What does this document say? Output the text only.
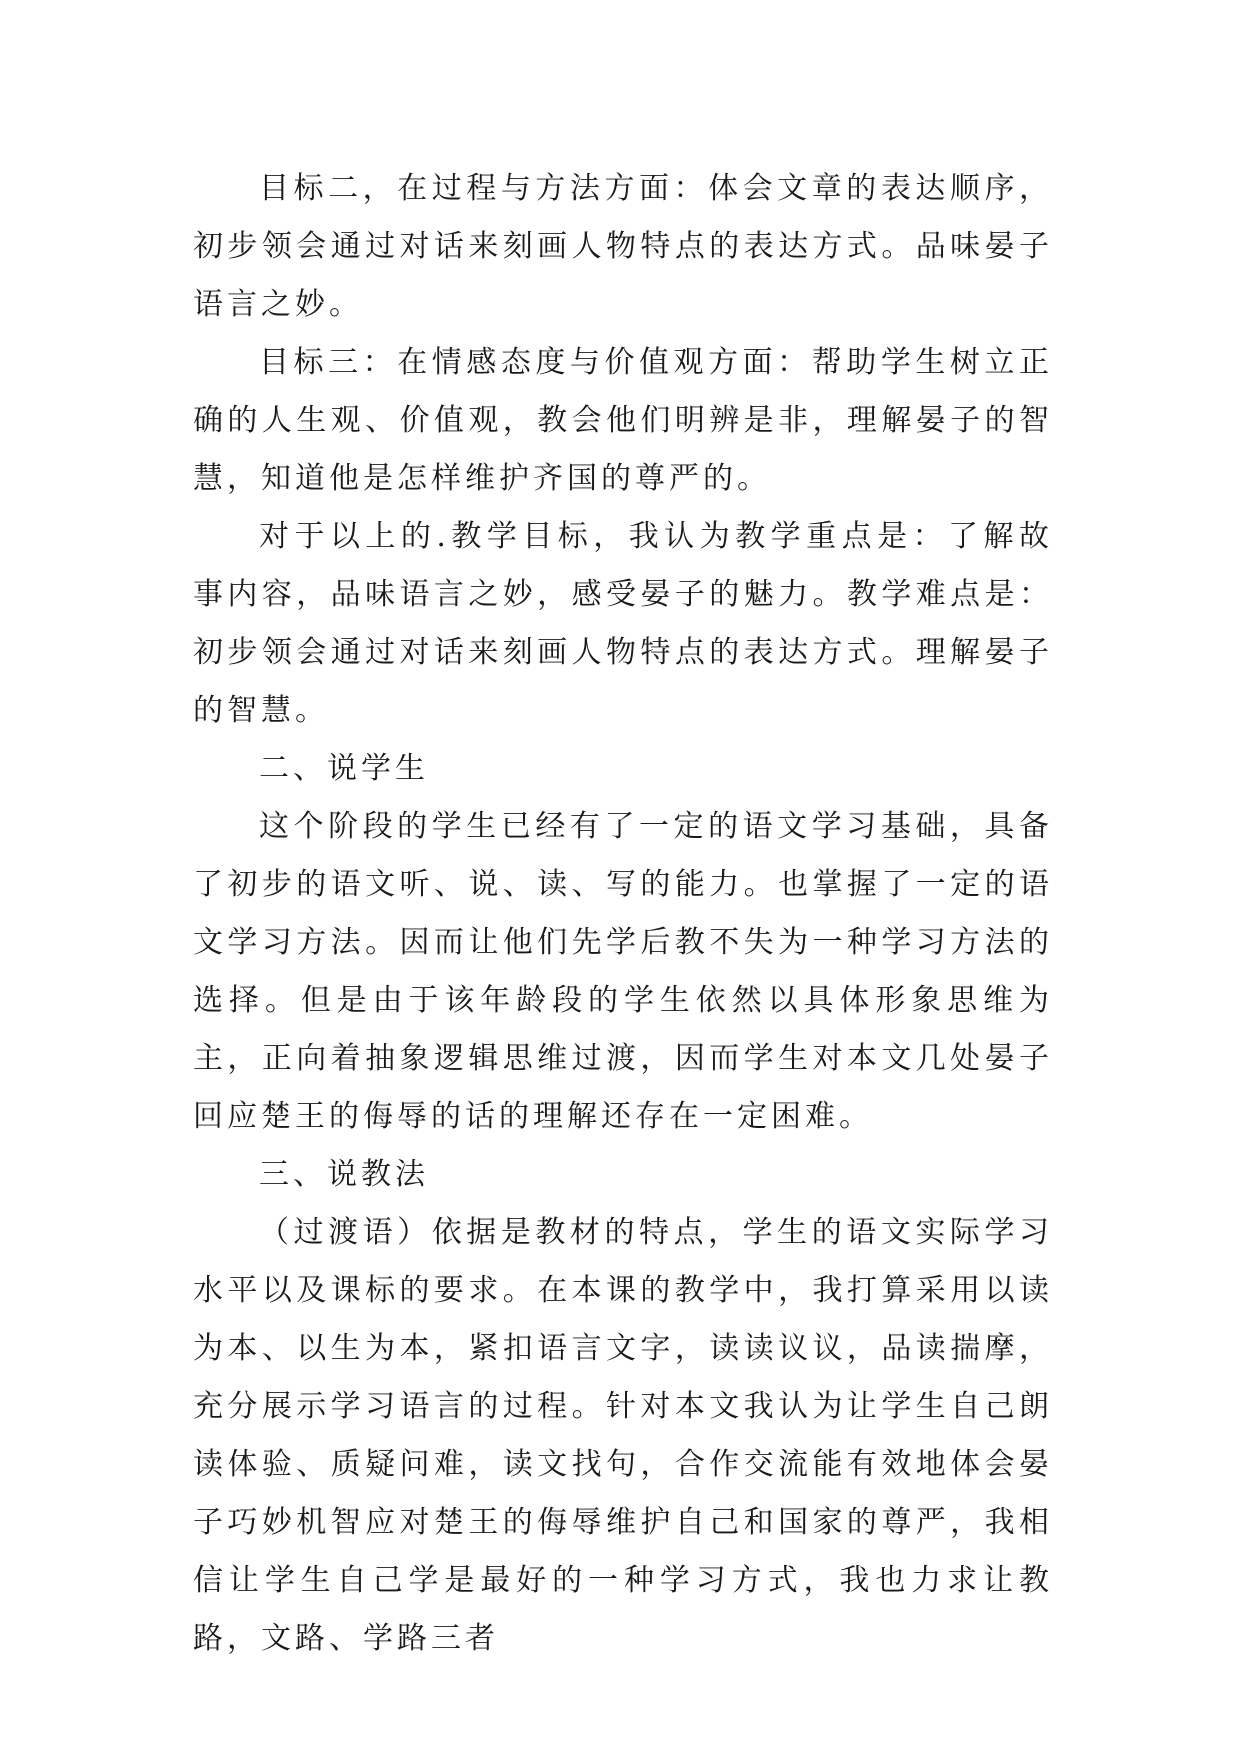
目标二，在过程与方法方面：体会文章的表达顺序，初步领会通过对话来刻画人物特点的表达方式。品味晏子语言之妙。

目标三：在情感态度与价值观方面：帮助学生树立正确的人生观、价值观，教会他们明辨是非，理解晏子的智慧，知道他是怎样维护齐国的尊严的。

对于以上的.教学目标，我认为教学重点是：了解故事内容，品味语言之妙，感受晏子的魅力。教学难点是：初步领会通过对话来刻画人物特点的表达方式。理解晏子的智慧。

二、说学生

这个阶段的学生已经有了一定的语文学习基础，具备了初步的语文听、说、读、写的能力。也掌握了一定的语文学习方法。因而让他们先学后教不失为一种学习方法的选择。但是由于该年龄段的学生依然以具体形象思维为主，正向着抽象逻辑思维过渡，因而学生对本文几处晏子回应楚王的侮辱的话的理解还存在一定困难。

三、说教法

（过渡语）依据是教材的特点，学生的语文实际学习水平以及课标的要求。在本课的教学中，我打算采用以读为本、以生为本，紧扣语言文字，读读议议，品读揣摩，充分展示学习语言的过程。针对本文我认为让学生自己朗读体验、质疑问难，读文找句，合作交流能有效地体会晏子巧妙机智应对楚王的侮辱维护自己和国家的尊严，我相信让学生自己学是最好的一种学习方式，我也力求让教路，文路、学路三者
